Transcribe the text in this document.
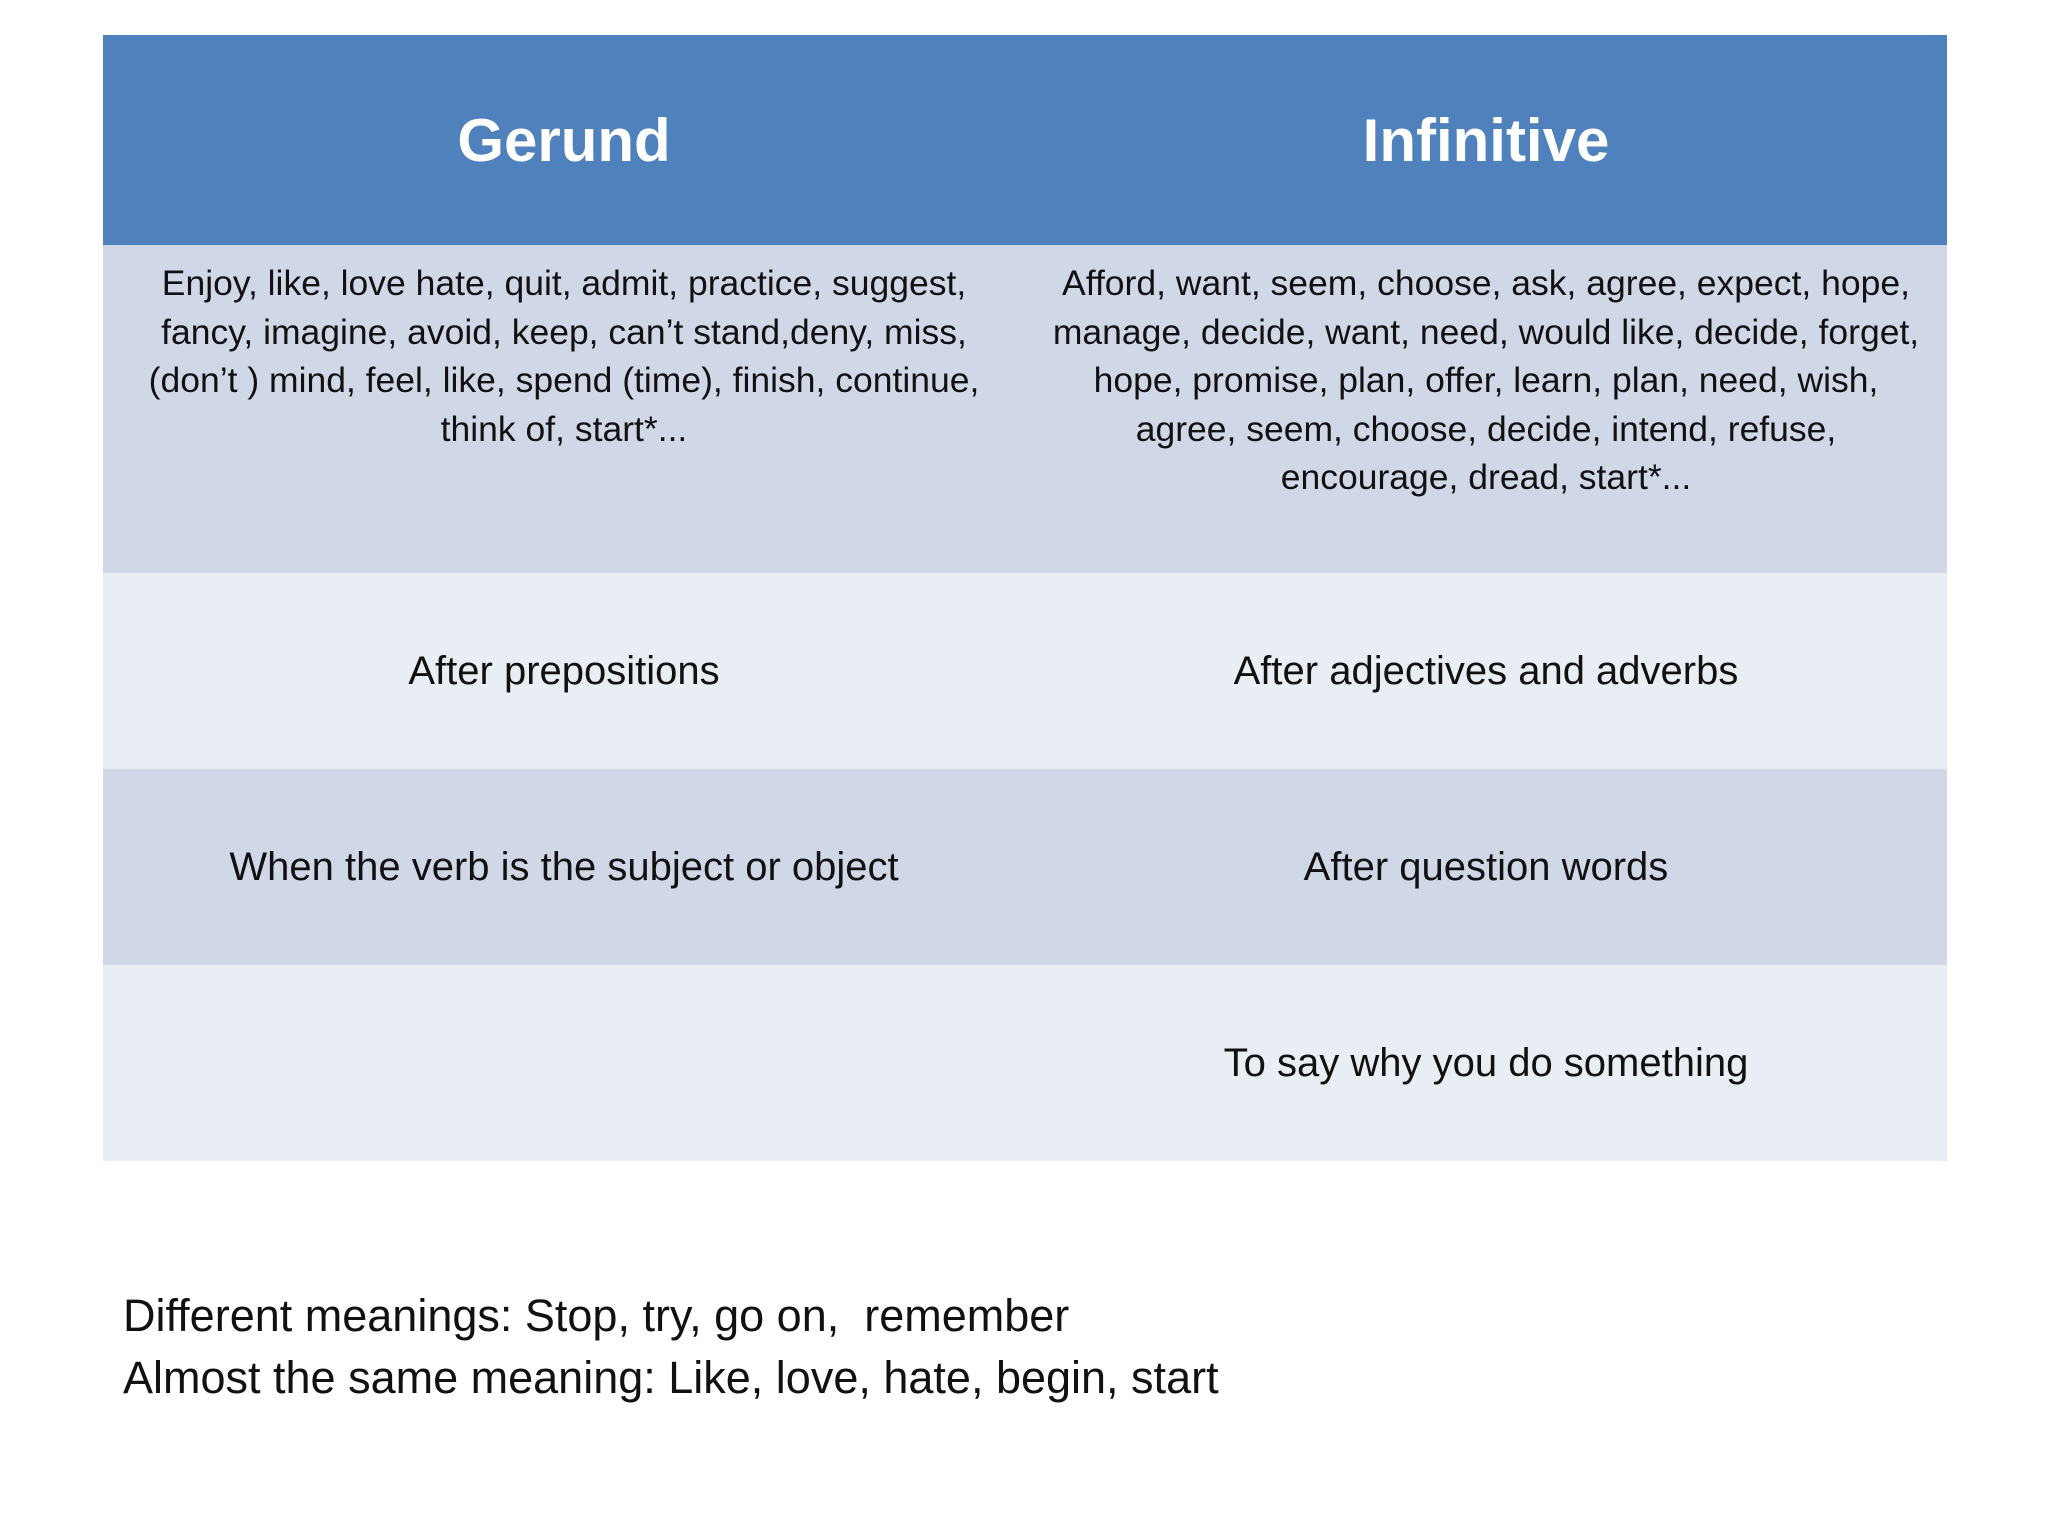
Gerund	Infinitive
Enjoy, like, love hate, quit, admit, practice, suggest, fancy, imagine, avoid, keep, can’t stand,deny, miss, (don’t ) mind, feel, like, spend (time), finish, continue, think of, start*...	Afford, want, seem, choose, ask, agree, expect, hope, manage, decide, want, need, would like, decide, forget, hope, promise, plan, offer, learn, plan, need, wish, agree, seem, choose, decide, intend, refuse, encourage, dread, start*...
After prepositions	After adjectives and adverbs
When the verb is the subject or object	After question words
	To say why you do something
Different meanings: Stop, try, go on,  remember
Almost the same meaning: Like, love, hate, begin, start
